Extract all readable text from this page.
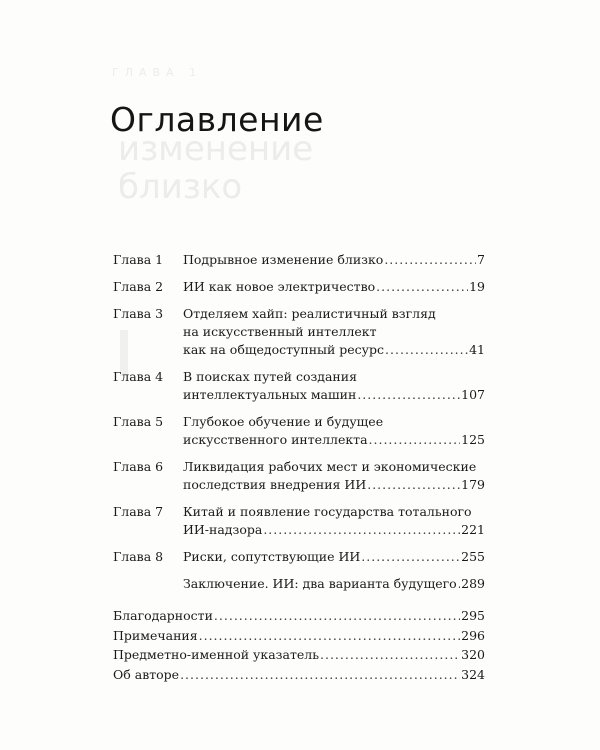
ГЛАВА 1
изменение
близко
Оглавление
Глава 1	Подрывное изменение близко .....	7
Глава 2	ИИ как новое электричество .....	19
Глава 3	Отделяем хайп: реалистичный взгляд
на искусственный интеллект
как на общедоступный ресурс .....	41
Глава 4	В поисках путей создания
интеллектуальных машин .....	107
Глава 5	Глубокое обучение и будущее
искусственного интеллекта .....	125
Глава 6	Ликвидация рабочих мест и экономические
последствия внедрения ИИ .....	179
Глава 7	Китай и появление государства тотального
ИИ-надзора .....	221
Глава 8	Риски, сопутствующие ИИ .....	255
Заключение. ИИ: два варианта будущего ..... 289
Благодарности .....	295
Примечания .....	296
Предметно-именной указатель .....	320
Об авторе .....	324
